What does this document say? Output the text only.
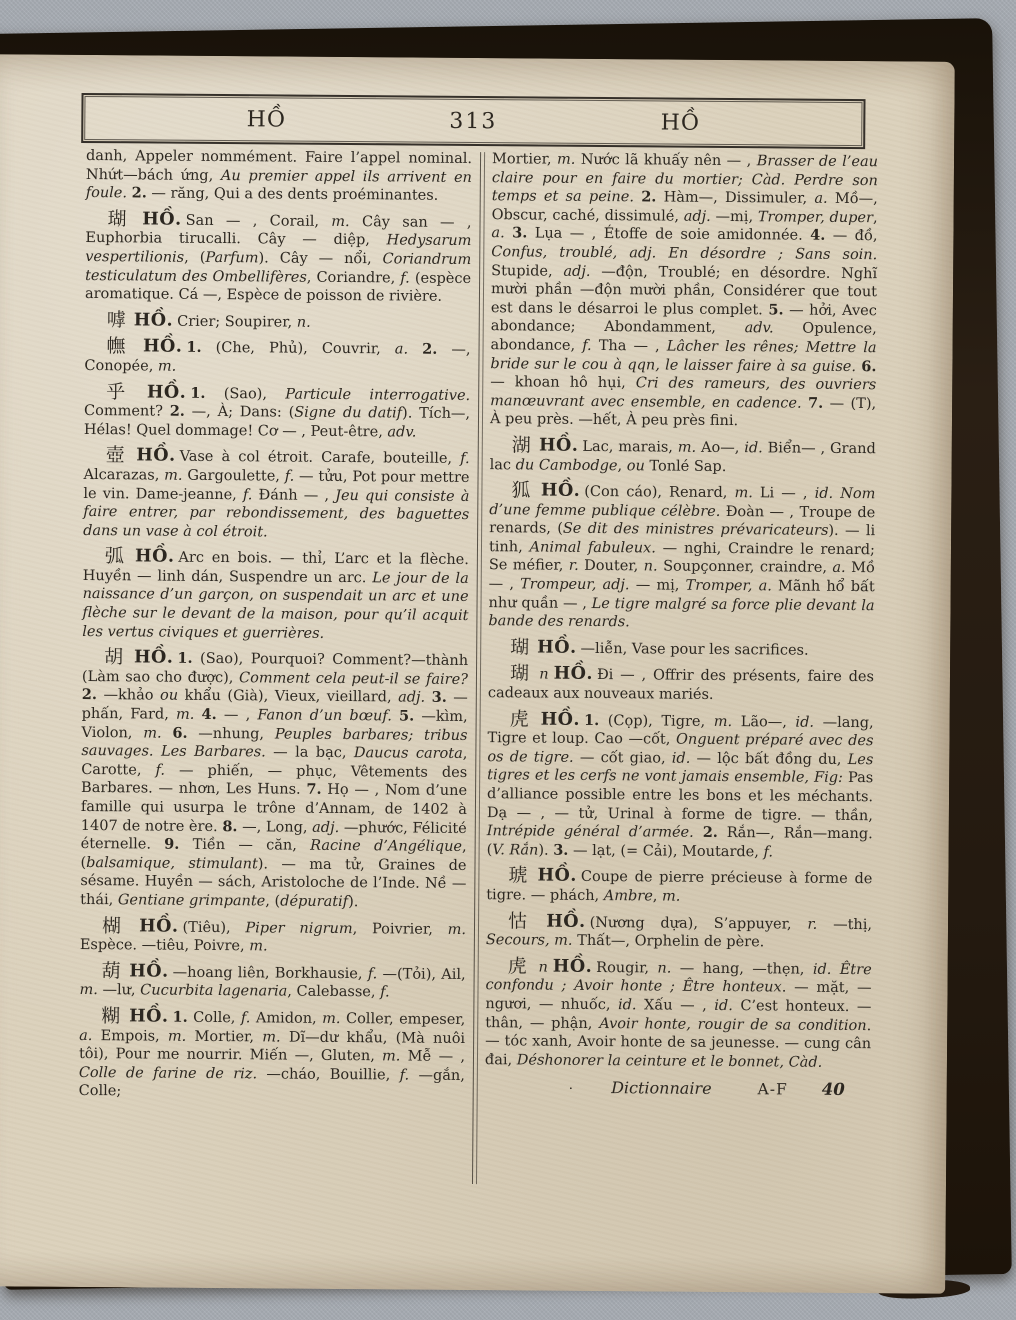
HỒ	313	HỒ

danh, Appeler nommément. Faire l’appel nominal. Nhứt—bách ứng, Au premier appel ils arrivent en foule. 2. — răng, Qui a des dents proéminantes.

瑚 HỒ. San — , Corail, m. Cây san — , Euphorbia tirucalli. Cây — diệp, Hedysarum vespertilionis, (Parfum). Cây — nổi, Coriandrum testiculatum des Ombellifères, Coriandre, f. (espèce aromatique. Cá —, Espèce de poisson de rivière.

嘑 HỒ. Crier; Soupirer, n.

幠 HỒ. 1. (Che, Phủ), Couvrir, a. 2. —, Conopée, m.

乎 HỒ. 1. (Sao), Particule interrogative. Comment? 2. —, À; Dans: (Signe du datif). Tích—, Hélas! Quel dommage! Cơ — , Peut-être, adv.

壺 HỒ. Vase à col étroit. Carafe, bouteille, f. Alcarazas, m. Gargoulette, f. — tửu, Pot pour mettre le vin. Dame-jeanne, f. Đánh — , Jeu qui consiste à faire entrer, par rebondissement, des baguettes dans un vase à col étroit.

弧 HỒ. Arc en bois. — thỉ, L’arc et la flèche. Huyền — linh dán, Suspendre un arc. Le jour de la naissance d’un garçon, on suspendait un arc et une flèche sur le devant de la maison, pour qu’il acquit les vertus civiques et guerrières.

胡 HỒ. 1. (Sao), Pourquoi? Comment?—thành (Làm sao cho được), Comment cela peut-il se faire? 2. —khảo ou khẩu (Già), Vieux, vieillard, adj. 3. —phấn, Fard, m. 4. — , Fanon d’un bœuf. 5. —kìm, Violon, m. 6. —nhung, Peuples barbares; tribus sauvages. Les Barbares. — la bạc, Daucus carota, Carotte, f. — phiến, — phục, Vêtements des Barbares. — nhơn, Les Huns. 7. Họ — , Nom d’une famille qui usurpa le trône d’Annam, de 1402 à 1407 de notre ère. 8. —, Long, adj. —phước, Félicité éternelle. 9. Tiền — căn, Racine d’Angélique, (balsamique, stimulant). — ma tử, Graines de sésame. Huyền — sách, Aristoloche de l’Inde. Nề — thái, Gentiane grimpante, (dépuratif).

楜 HỒ. (Tiêu), Piper nigrum, Poivrier, m. Espèce. —tiêu, Poivre, m.

葫 HỒ. —hoang liên, Borkhausie, f. —(Tỏi), Ail, m. —lư, Cucurbita lagenaria, Calebasse, f.

糊 HỒ. 1. Colle, f. Amidon, m. Coller, empeser, a. Empois, m. Mortier, m. Dĩ—dư khẩu, (Mà nuôi tôi), Pour me nourrir. Miến —, Gluten, m. Mễ — , Colle de farine de riz. —cháo, Bouillie, f. —gắn, Colle;

Mortier, m. Nước lã khuấy nên — , Brasser de l’eau claire pour en faire du mortier; Càd. Perdre son temps et sa peine. 2. Hàm—, Dissimuler, a. Mồ—, Obscur, caché, dissimulé, adj. —mị, Tromper, duper, a. 3. Lụa — , Étoffe de soie amidonnée. 4. — đồ, Confus, troublé, adj. En désordre ; Sans soin. Stupide, adj. —độn, Troublé; en désordre. Nghĩ mười phần —độn mười phần, Considérer que tout est dans le désarroi le plus complet. 5. — hởi, Avec abondance; Abondamment, adv. Opulence, abondance, f. Tha — , Lâcher les rênes; Mettre la bride sur le cou à qqn, le laisser faire à sa guise. 6. — khoan hô hụi, Cri des rameurs, des ouvriers manœuvrant avec ensemble, en cadence. 7. — (T), À peu près. —hết, À peu près fini.

湖 HỒ. Lac, marais, m. Ao—, id. Biển— , Grand lac du Cambodge, ou Tonlé Sap.

狐 HỒ. (Con cáo), Renard, m. Li — , id. Nom d’une femme publique célèbre. Đoàn — , Troupe de renards, (Se dit des ministres prévaricateurs). — li tinh, Animal fabuleux. — nghi, Craindre le renard; Se méfier, r. Douter, n. Soupçonner, craindre, a. Mồ — , Trompeur, adj. — mị, Tromper, a. Mãnh hổ bất như quần — , Le tigre malgré sa force plie devant la bande des renards.

瑚 HỒ. —liễn, Vase pour les sacrifices.

瑚 n HỒ. Đi — , Offrir des présents, faire des cadeaux aux nouveaux mariés.

虎 HỒ. 1. (Cọp), Tigre, m. Lão—, id. —lang, Tigre et loup. Cao —cốt, Onguent préparé avec des os de tigre. — cốt giao, id. — lộc bất đồng du, Les tigres et les cerfs ne vont jamais ensemble, Fig: Pas d’alliance possible entre les bons et les méchants. Dạ — , — tử, Urinal à forme de tigre. — thần, Intrépide général d’armée. 2. Rắn—, Rắn—mang. (V. Rắn). 3. — lạt, (= Cải), Moutarde, f.

琥 HỒ. Coupe de pierre précieuse à forme de tigre. — phách, Ambre, m.

怙 HỒ. (Nương dựa), S’appuyer, r. —thị, Secours, m. Thất—, Orphelin de père.

虎 n HỒ. Rougir, n. — hang, —thẹn, id. Être confondu ; Avoir honte ; Être honteux. — mặt, — ngươi, — nhuốc, id. Xấu — , id. C’est honteux. — thân, — phận, Avoir honte, rougir de sa condition. — tóc xanh, Avoir honte de sa jeunesse. — cung cân đai, Déshonorer la ceinture et le bonnet, Càd.

· Dictionnaire	A-F 40
